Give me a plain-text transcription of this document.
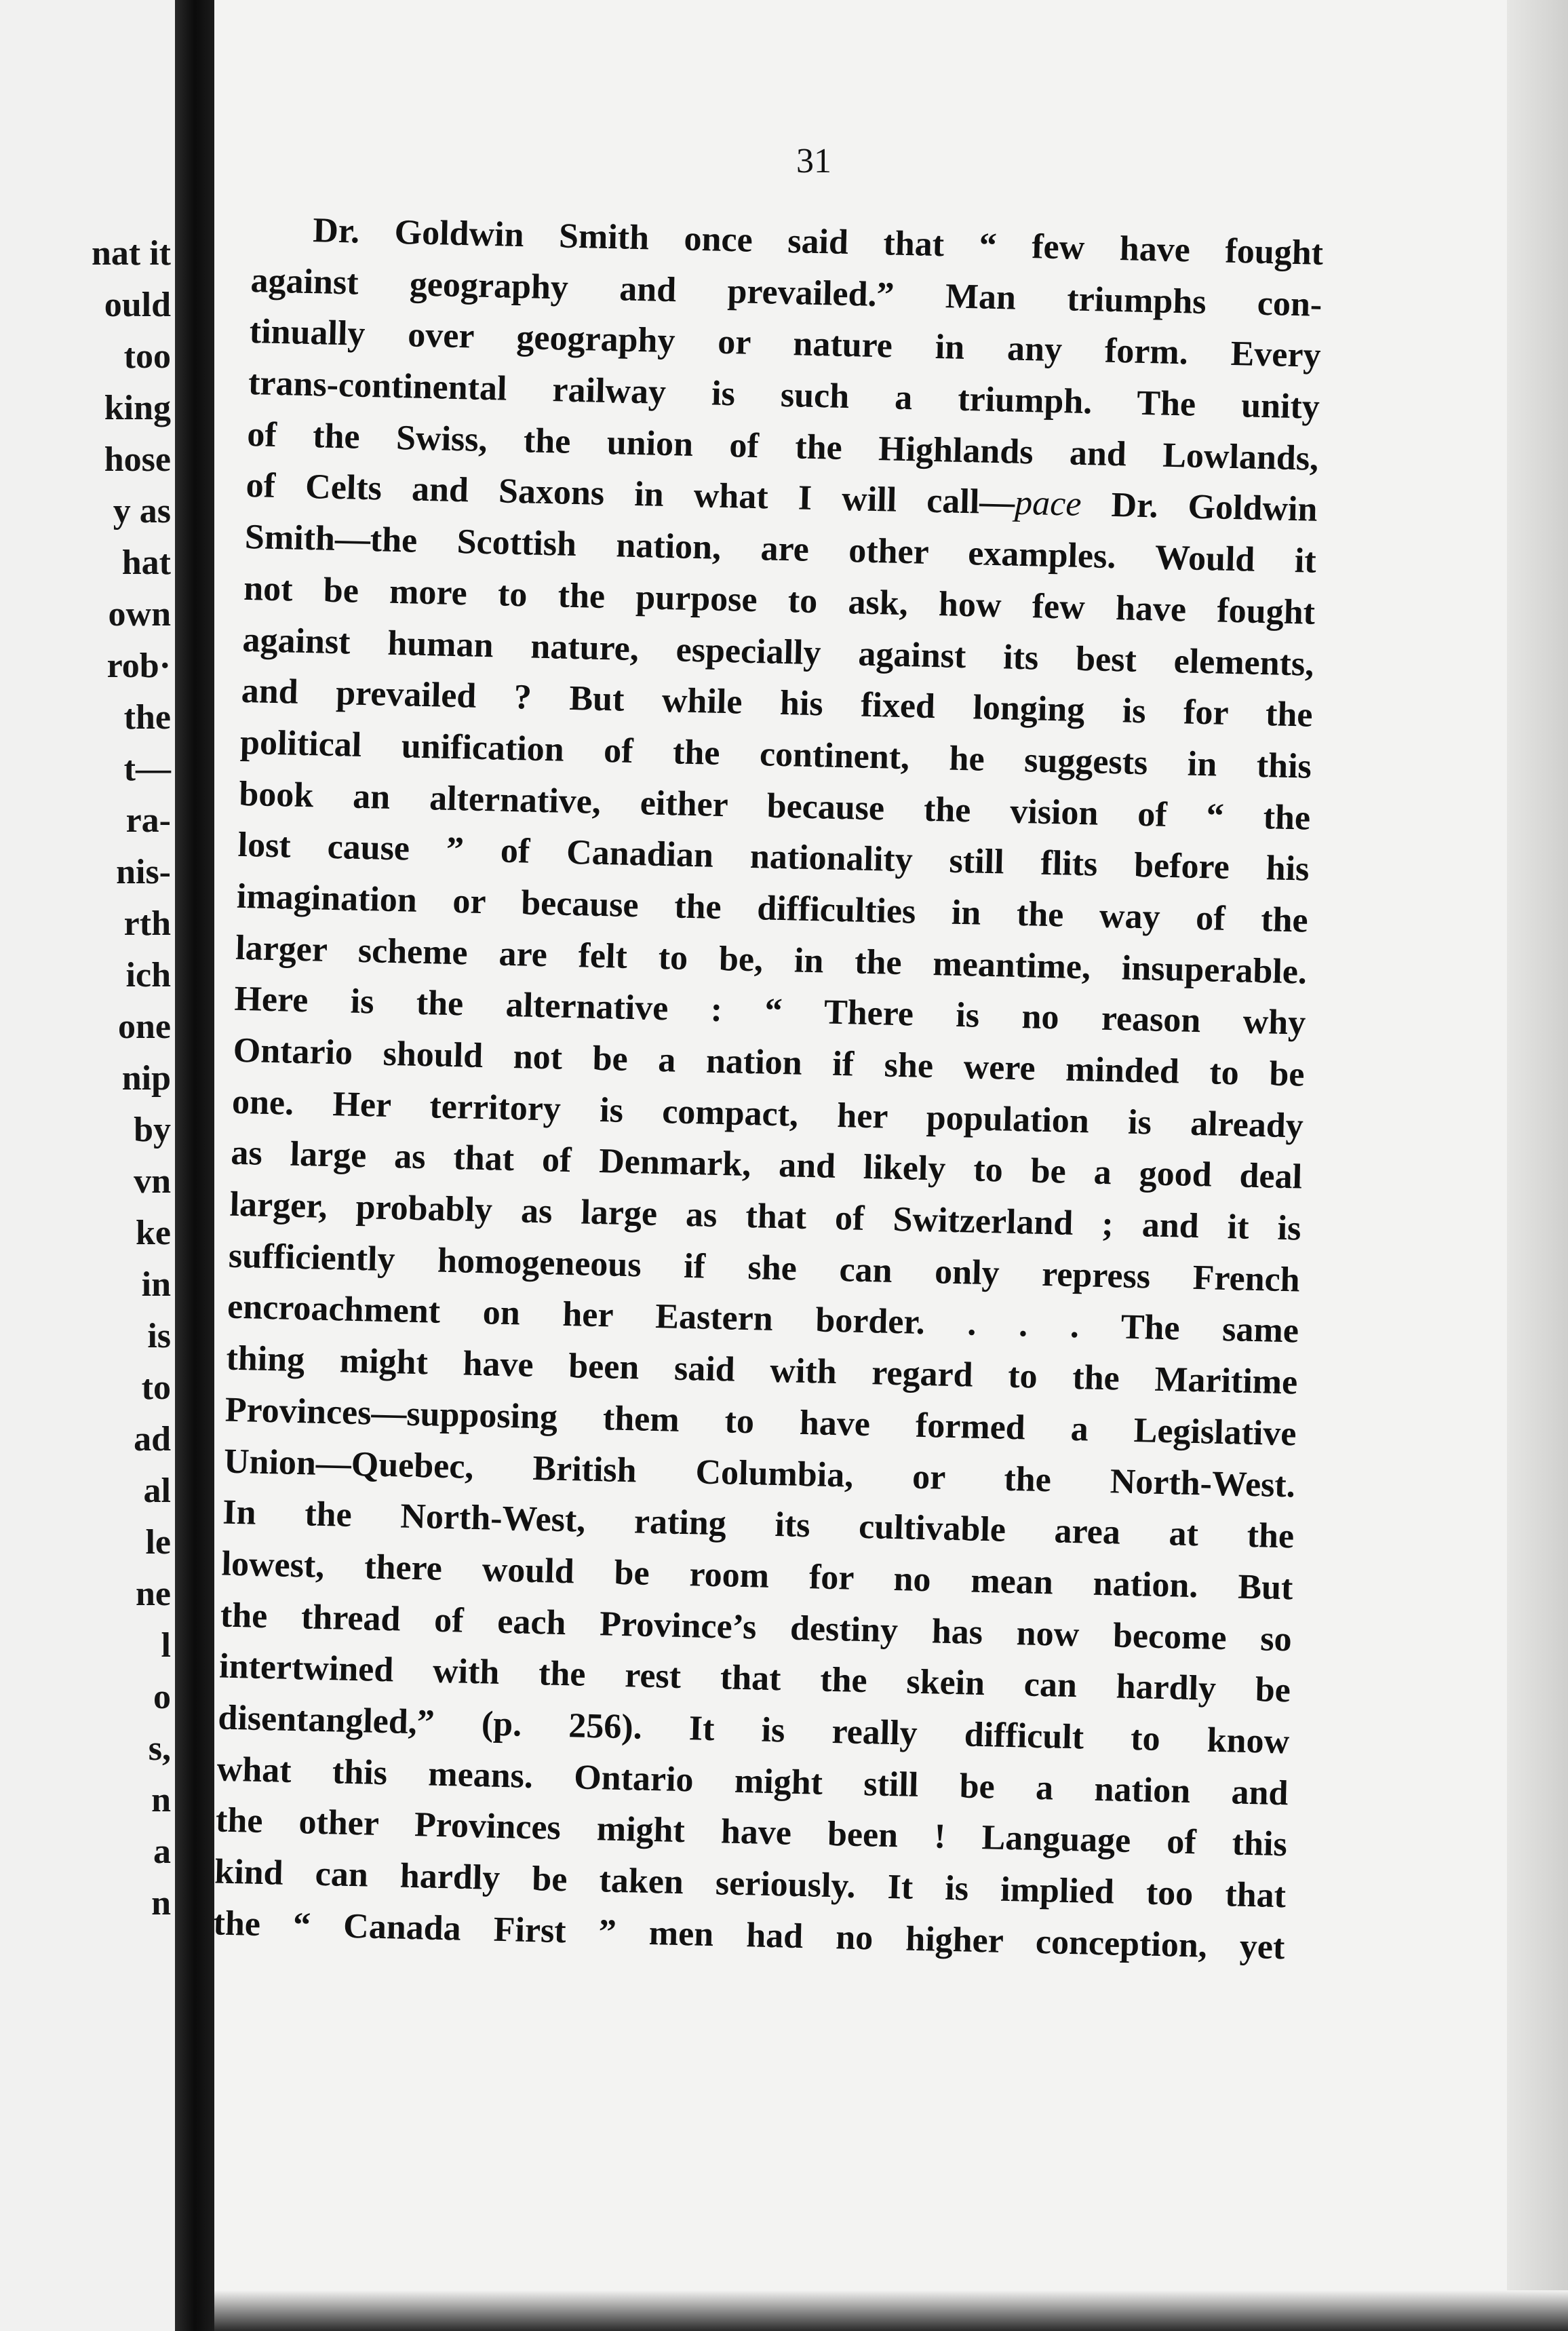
nat it
ould
too
king
hose
y as
hat
own
rob·
the
t—
ra-
nis-
rth
ich
one
nip
by
vn
ke
in
is
to
ad
al
le
ne
l
o
s,
n
a
n
31
Dr. Goldwin Smith once said that “ few have fought
against geography and prevailed.” Man triumphs con-
tinually over geography or nature in any form. Every
trans-continental railway is such a triumph. The unity
of the Swiss, the union of the Highlands and Lowlands,
of Celts and Saxons in what I will call—pace Dr. Goldwin
Smith—the Scottish nation, are other examples. Would it
not be more to the purpose to ask, how few have fought
against human nature, especially against its best elements,
and prevailed ? But while his fixed longing is for the
political unification of the continent, he suggests in this
book an alternative, either because the vision of “ the
lost cause ” of Canadian nationality still flits before his
imagination or because the difficulties in the way of the
larger scheme are felt to be, in the meantime, insuperable.
Here is the alternative : “ There is no reason why
Ontario should not be a nation if she were minded to be
one. Her territory is compact, her population is already
as large as that of Denmark, and likely to be a good deal
larger, probably as large as that of Switzerland ; and it is
sufficiently homogeneous if she can only repress French
encroachment on her Eastern border. . . . The same
thing might have been said with regard to the Maritime
Provinces—supposing them to have formed a Legislative
Union—Quebec, British Columbia, or the North-West.
In the North-West, rating its cultivable area at the
lowest, there would be room for no mean nation. But
the thread of each Province’s destiny has now become so
intertwined with the rest that the skein can hardly be
disentangled,” (p. 256). It is really difficult to know
what this means. Ontario might still be a nation and
the other Provinces might have been ! Language of this
kind can hardly be taken seriously. It is implied too that
the “ Canada First ” men had no higher conception, yet
